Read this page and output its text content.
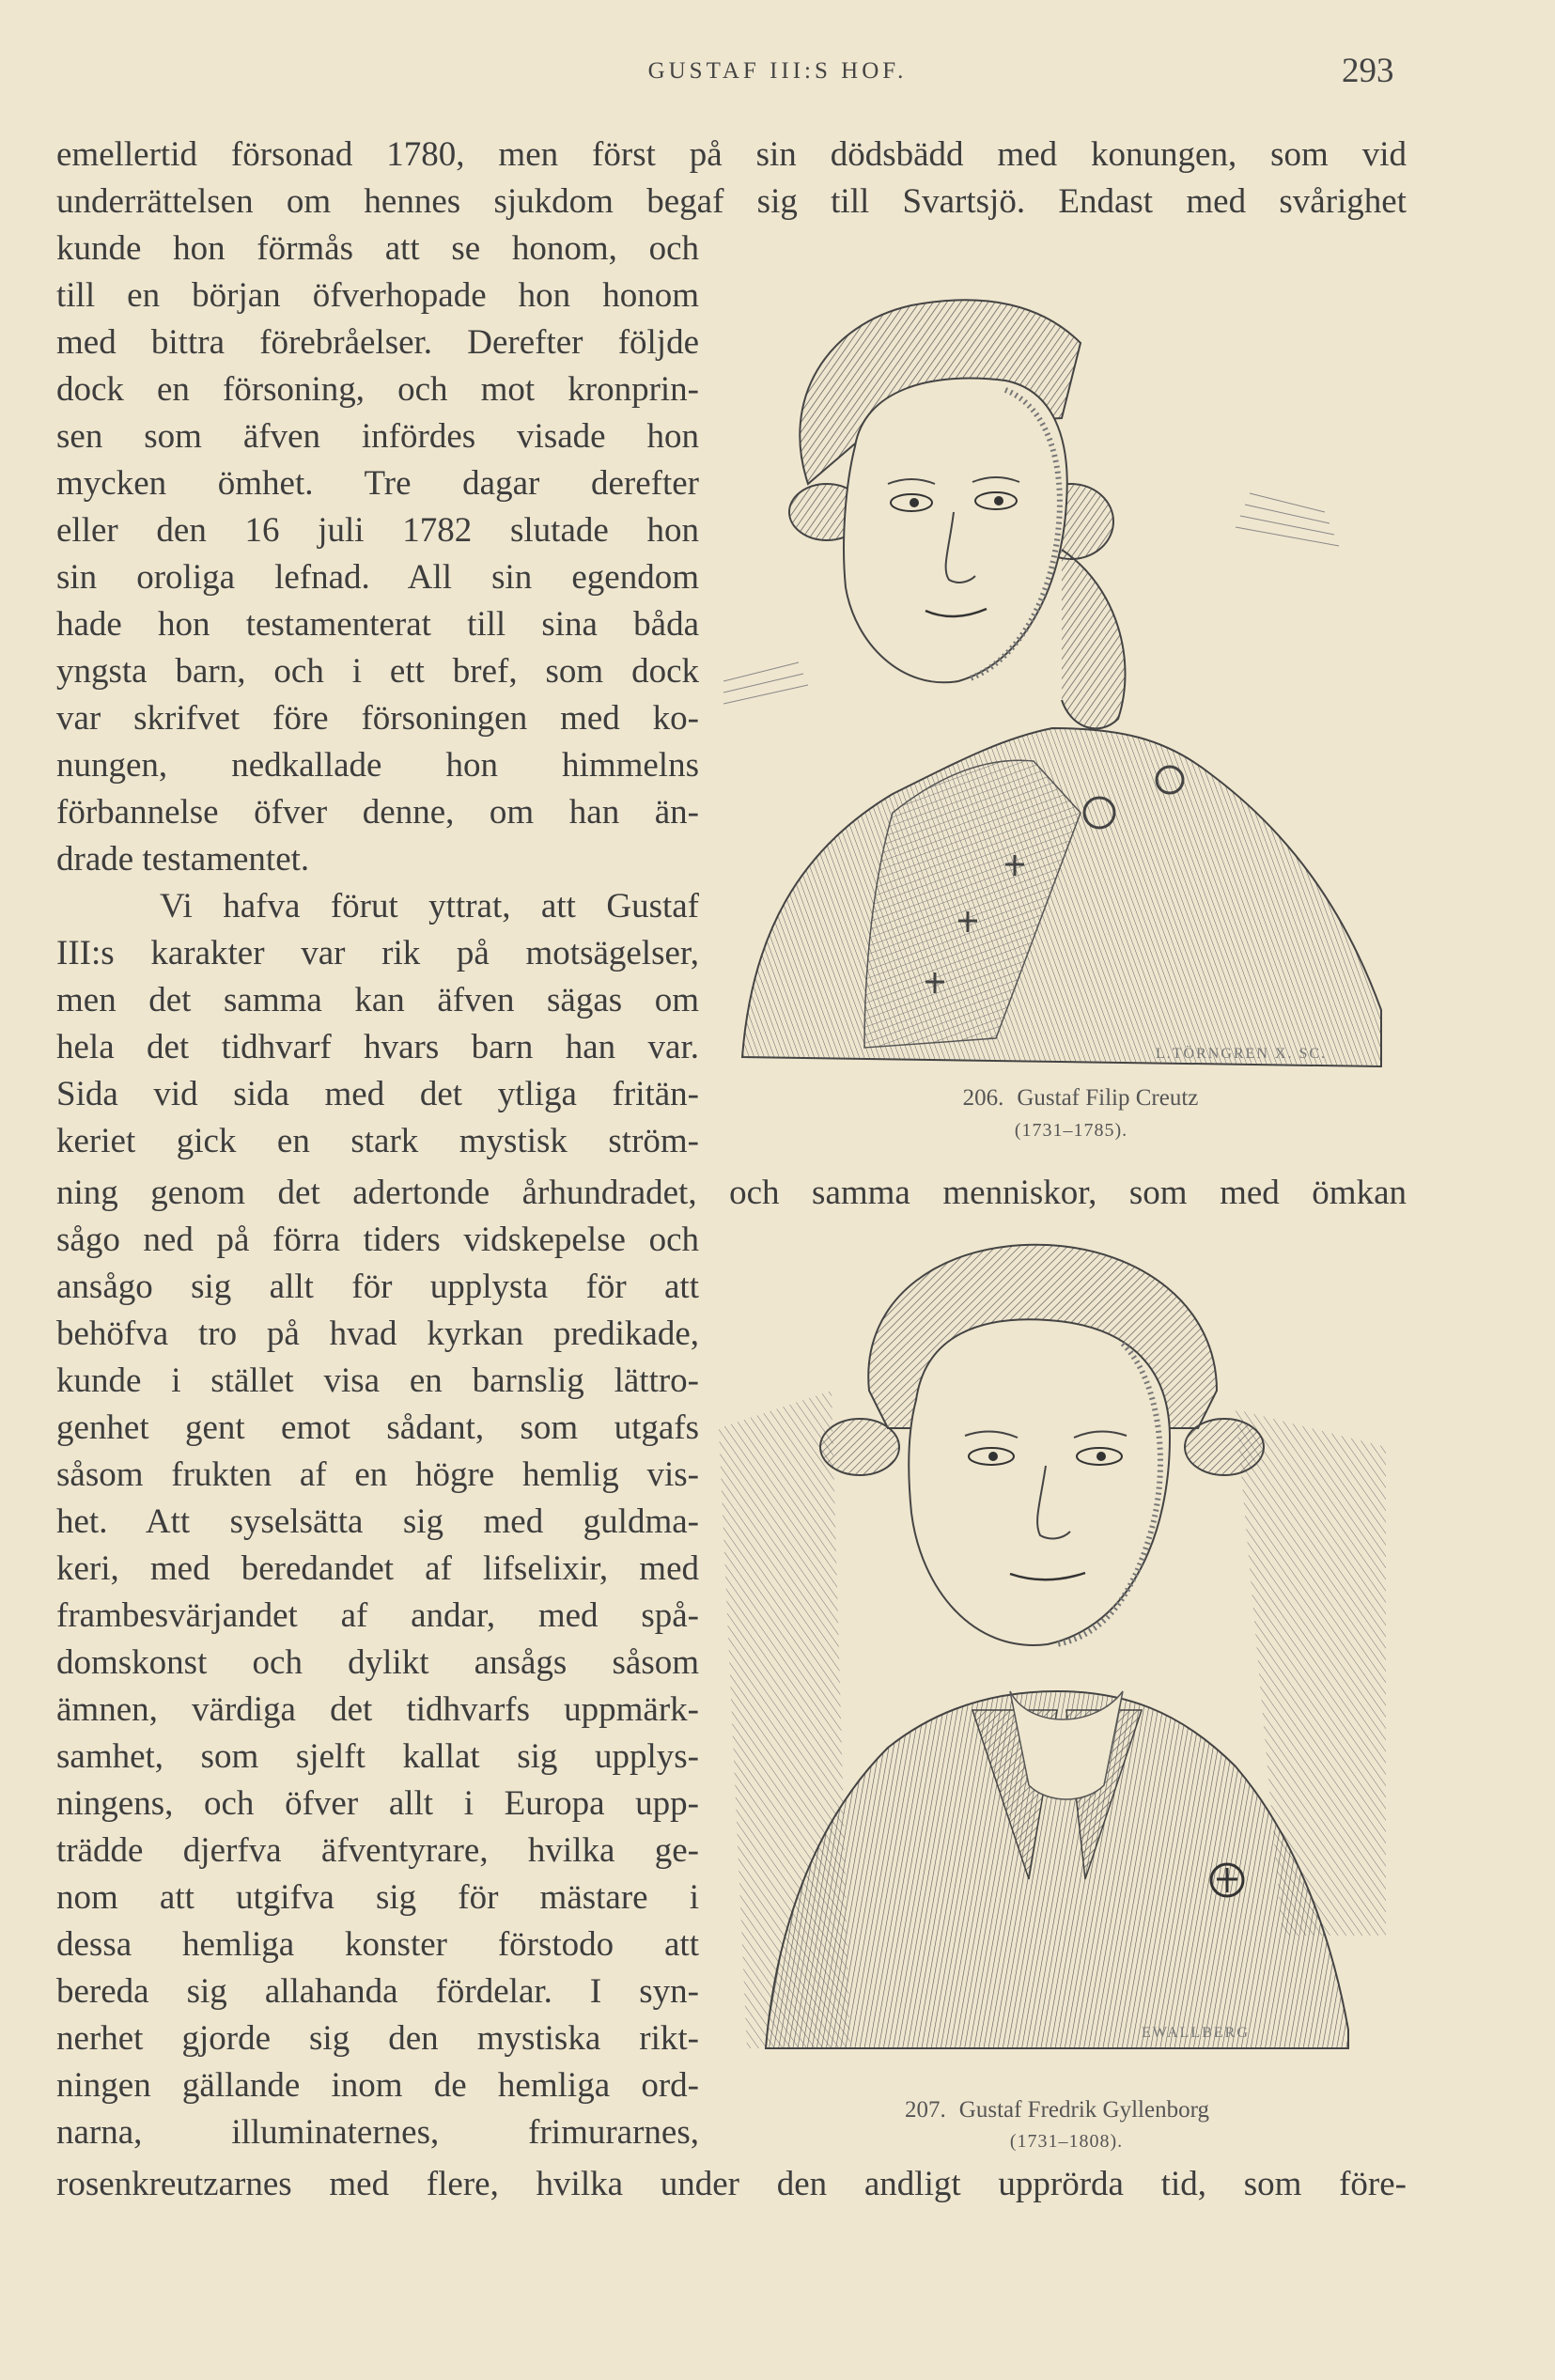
GUSTAF III:S HOF.	293
emellertid försonad 1780, men först på sin dödsbädd med konungen, som vid
underrättelsen om hennes sjukdom begaf sig till Svartsjö. Endast med svårighet
kunde hon förmås att se honom, och
till en början öfverhopade hon honom
med bittra förebråelser. Derefter följde
dock en försoning, och mot kronprin-
sen som äfven infördes visade hon
mycken ömhet. Tre dagar derefter
eller den 16 juli 1782 slutade hon
sin oroliga lefnad. All sin egendom
hade hon testamenterat till sina båda
yngsta barn, och i ett bref, som dock
var skrifvet före försoningen med ko-
nungen, nedkallade hon himmelns
förbannelse öfver denne, om han än-
drade testamentet.
Vi hafva förut yttrat, att Gustaf
III:s karakter var rik på motsägelser,
men det samma kan äfven sägas om
hela det tidhvarf hvars barn han var.
Sida vid sida med det ytliga fritän-
keriet gick en stark mystisk ström-
ning genom det adertonde århundradet, och samma menniskor, som med ömkan
sågo ned på förra tiders vidskepelse och
ansågo sig allt för upplysta för att
behöfva tro på hvad kyrkan predikade,
kunde i stället visa en barnslig lättro-
genhet gent emot sådant, som utgafs
såsom frukten af en högre hemlig vis-
het. Att syselsätta sig med guldma-
keri, med beredandet af lifselixir, med
frambesvärjandet af andar, med spå-
domskonst och dylikt ansågs såsom
ämnen, värdiga det tidhvarfs uppmärk-
samhet, som sjelft kallat sig upplys-
ningens, och öfver allt i Europa upp-
trädde djerfva äfventyrare, hvilka ge-
nom att utgifva sig för mästare i
dessa hemliga konster förstodo att
bereda sig allahanda fördelar. I syn-
nerhet gjorde sig den mystiska rikt-
ningen gällande inom de hemliga ord-
narna, illuminaternes, frimurarnes,
rosenkreutzarnes med flere, hvilka under den andligt upprörda tid, som före-
L.TÖRNGREN X. SC.
206. Gustaf Filip Creutz
(1731–1785).
EWALLBERG
207. Gustaf Fredrik Gyllenborg
(1731–1808).
